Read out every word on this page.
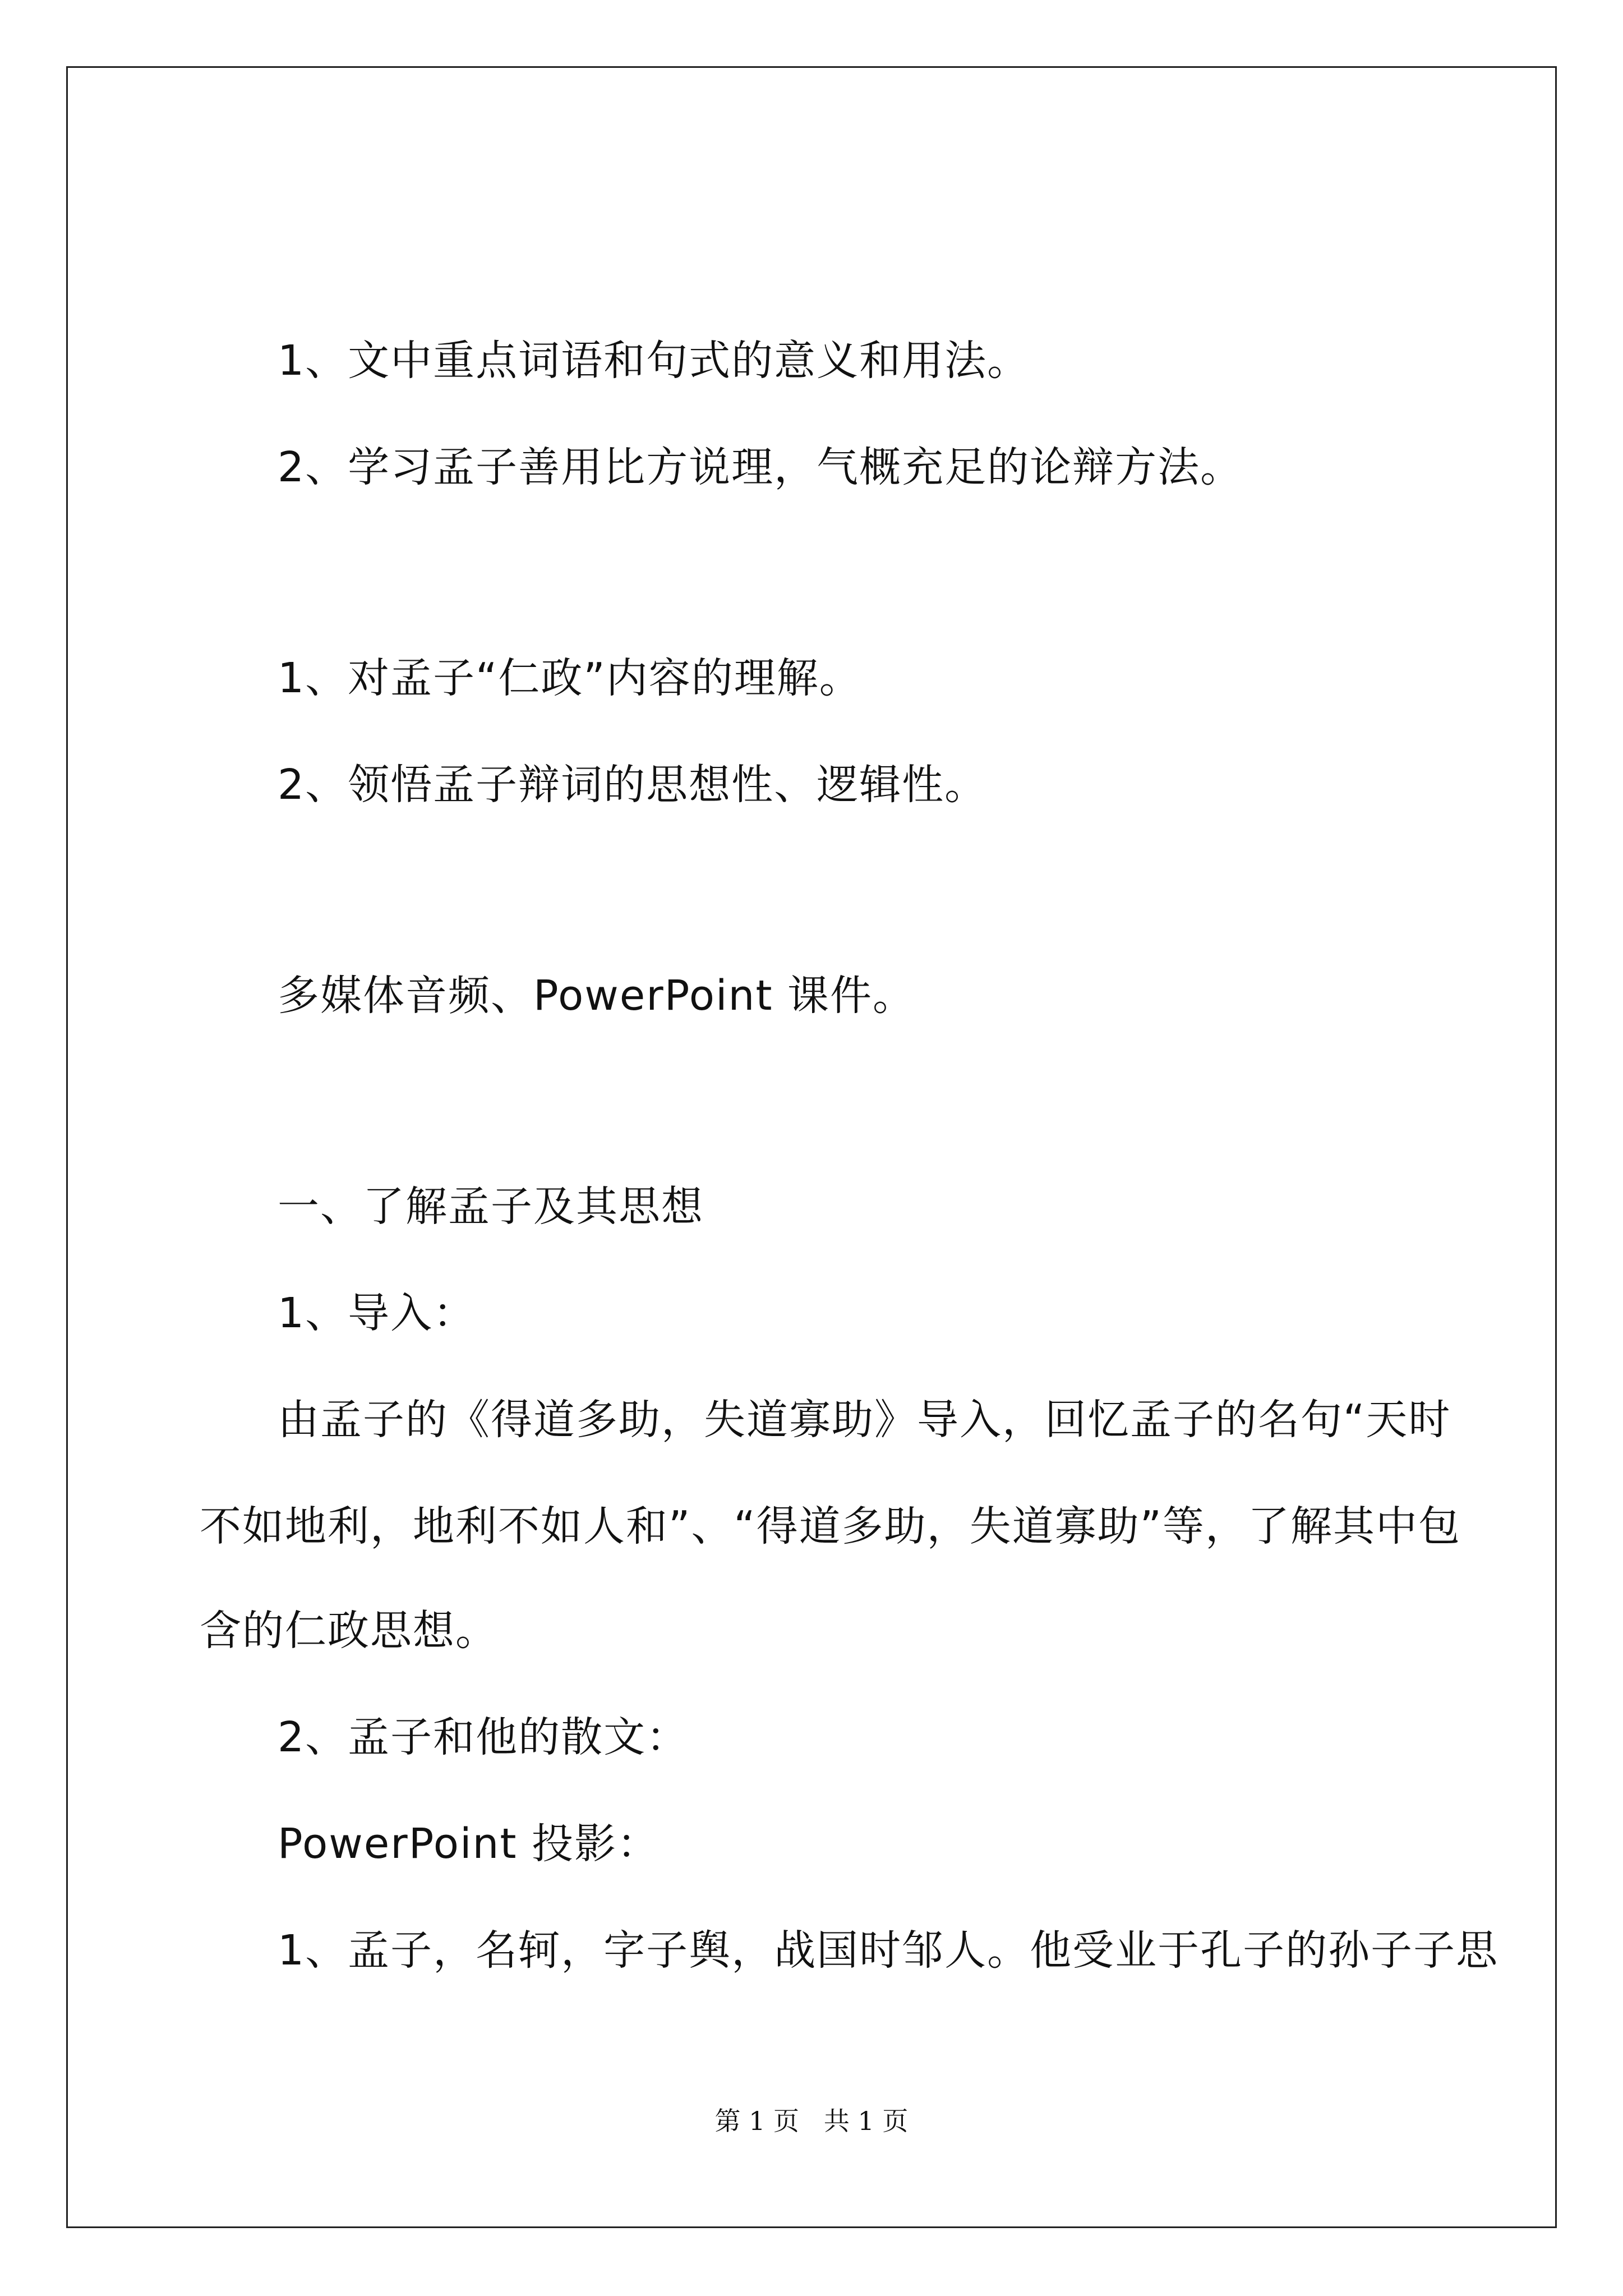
1、文中重点词语和句式的意义和用法。
2、学习孟子善用比方说理，气概充足的论辩方法。
1、对孟子“仁政”内容的理解。
2、领悟孟子辩词的思想性、逻辑性。
多媒体音频、PowerPoint 课件。
一、了解孟子及其思想
1、导入：
由孟子的《得道多助，失道寡助》导入，回忆孟子的名句“天时
不如地利，地利不如人和”、“得道多助，失道寡助”等，了解其中包
含的仁政思想。
2、孟子和他的散文：
PowerPoint 投影：
1、孟子，名轲，字子舆，战国时邹人。他受业于孔子的孙子子思
第 1 页   共 1 页
